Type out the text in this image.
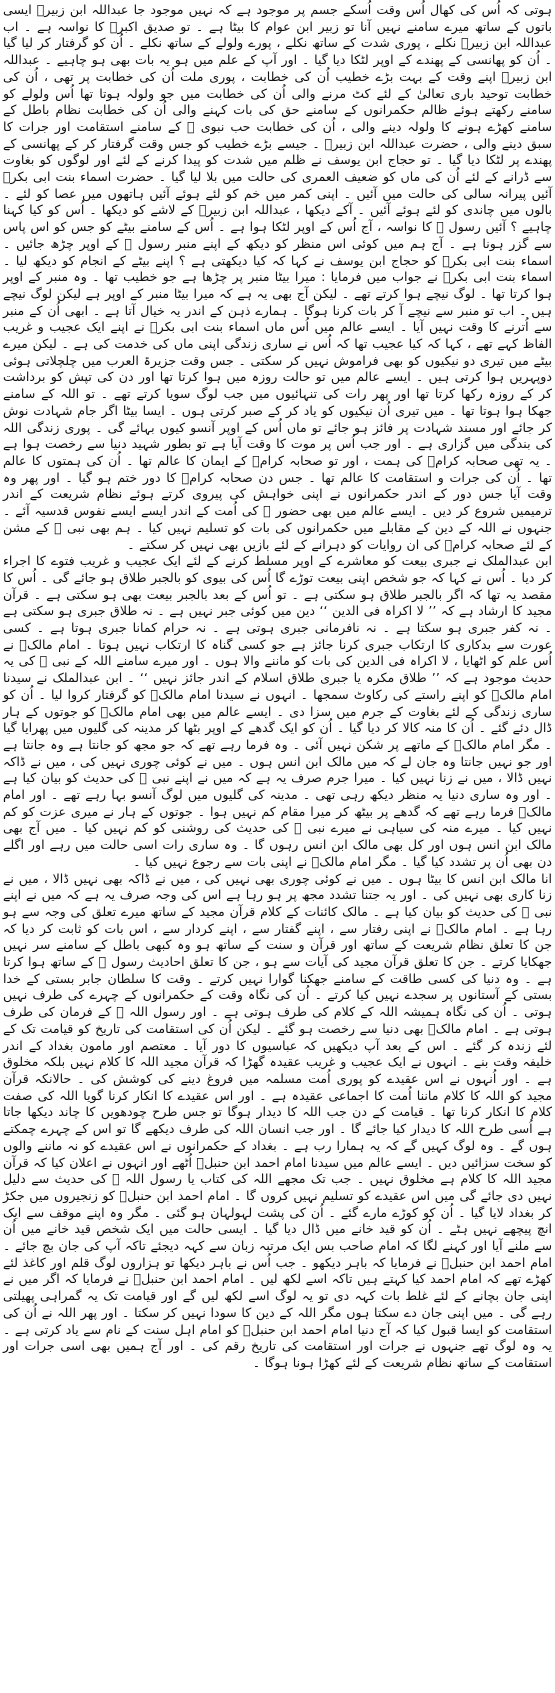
ہوتی کہ اُس کی کھال اُس وقت اُسکے جسم پر موجود ہے کہ نہیں موجود جا عبداللہ ابن زبیرؓ ایسی باتوں کے ساتھ میرے سامنے نہیں آنا تو زبیر ابن عوام کا بیٹا ہے ۔ تو صدیق اکبرؓ کا نواسہ ہے ۔ اب عبداللہ ابن زبیرؓ نکلے ، پوری شدت کے ساتھ نکلے ، پورے ولولے کے ساتھ نکلے ۔ اُن کو گرفتار کر لیا گیا ۔ اُن کو پھانسی کے پھندے کے اوپر لٹکا دیا گیا ۔ اور آپ کے علم میں ہو یہ بات بھی ہو چاہیے ۔ عبداللہ ابن زبیرؓ اپنے وقت کے بہت بڑے خطیب اُن کی خطابت ، پوری ملت اُن کی خطابت پر تھی ، اُن کی خطابت توحید باری تعالیٰ کے لئے کٹ مرنے والی اُن کی خطابت میں جو ولولہ ہوتا تھا اُس ولولے کو سامنے رکھتے ہوئے ظالم حکمرانوں کے سامنے حق کی بات کہنے والی اُن کی خطابت نظام باطل کے سامنے کھڑے ہونے کا ولولہ دینے والی ، اُن کی خطابت حب نبوی ﷺ کے سامنے استقامت اور جرات کا سبق دینے والی ، حضرت عبداللہ ابن زبیرؓ ۔ جیسے بڑے خطیب کو جس وقت گرفتار کر کے پھانسی کے پھندے پر لٹکا دیا گیا ۔ تو حجاج ابن یوسف نے ظلم میں شدت کو پیدا کرنے کے لئے اور لوگوں کو بغاوت سے ڈرانے کے لئے اُن کی ماں کو ضعیف العمری کی حالت میں بلا لیا گیا ۔ حضرت اسماء بنت ابی بکرؓ آئیں پیرانہ سالی کی حالت میں آئیں ۔ اپنی کمر میں خم کو لئے ہوئے آئیں ہاتھوں میں عصا کو لئے ۔ بالوں میں چاندی کو لئے ہوئے آئیں ۔ آکے دیکھا ، عبداللہ ابن زبیرؓ کے لاشے کو دیکھا ۔ اُس کو کیا کہنا چاہیے ؟ آئیں رسول ﷺ کا نواسہ ، آج اُس کے اوپر لٹکا ہوا ہے ۔ اُس کے سامنے بیٹے کو جس کو اس پاس سے گزر ہونا ہے ۔ آج ہم میں کوئی اس منظر کو دیکھ کے اپنے منبر رسول ﷺ کے اوپر چڑھ جائیں ۔ اسماء بنت ابی بکرؓ کو حجاج ابن یوسف نے کہا کہ کیا دیکھتی ہے ؟ اپنے بیٹے کے انجام کو دیکھ لیا ۔ اسماء بنت ابی بکرؓ نے جواب میں فرمایا : میرا بیٹا منبر پر چڑھا ہے جو خطیب تھا ۔ وہ منبر کے اوپر ہوا کرتا تھا ۔ لوگ نیچے ہوا کرتے تھے ۔ لیکن آج بھی یہ ہے کہ میرا بیٹا منبر کے اوپر ہے لیکن لوگ نیچے ہیں ۔ اب تو منبر سے نیچے آ کر بات کرنا ہوگا ۔ ہمارے ذہن کے اندر یہ خیال آتا ہے ۔ ابھی اُن کے منبر سے اُترنے کا وقت نہیں آیا ۔ ایسے عالم میں اُس ماں اسماء بنت ابی بکرؓ نے اپنے ایک عجیب و غریب الفاظ کہے تھے ، کہا کہ کیا عجیب تھا کہ اُس نے ساری زندگی اپنی ماں کی خدمت کی ہے ۔ لیکن میرے بیٹے میں تیری دو نیکیوں کو بھی فراموش نہیں کر سکتی ۔ جس وقت جزیرۃ العرب میں چلچلاتی ہوئی دوپہریں ہوا کرتی ہیں ۔ ایسے عالم میں تو حالت روزہ میں ہوا کرتا تھا اور دن کی تپش کو برداشت کر کے روزہ رکھا کرتا تھا اور پھر رات کی تنہائیوں میں جب لوگ سویا کرتے تھے ۔ تو اللہ کے سامنے جھکا ہوا ہوتا تھا ۔ میں تیری اُن نیکیوں کو یاد کر کے صبر کرتی ہوں ۔ ایسا بیٹا اگر جام شہادت نوش کر جائے اور مسند شہادت پر فائز ہو جائے تو ماں اُس کے اوپر آنسو کیوں بہائے گی ۔ پوری زندگی اللہ کی بندگی میں گزاری ہے ۔ اور جب اُس پر موت کا وقت آیا ہے تو بطور شہید دنیا سے رخصت ہوا ہے ۔ یہ تھی صحابہ کرامؓ کی ہمت ، اور تو صحابہ کرامؓ کے ایمان کا عالم تھا ۔ اُن کی ہمتوں کا عالم تھا ۔ اُن کی جرات و استقامت کا عالم تھا ۔ جس دن صحابہ کرامؓ کا دور ختم ہو گیا ۔ اور پھر وہ وقت آیا جس دور کے اندر حکمرانوں نے اپنی خواہش کی پیروی کرتے ہوئے نظام شریعت کے اندر ترمیمیں شروع کر دیں ۔ ایسے عالم میں بھی حضور ﷺ کی اُمت کے اندر ایسے ایسے نفوس قدسیہ آئے ۔ جنہوں نے اللہ کے دین کے مقابلے میں حکمرانوں کی بات کو تسلیم نہیں کیا ۔ ہم بھی نبی ﷺ کے مشن کے لئے صحابہ کرامؓ کی ان روایات کو دہرانے کے لئے بازیں بھی نہیں کر سکتے ۔

ابن عبدالملک نے جبری بیعت کو معاشرے کے اوپر مسلط کرنے کے لئے ایک عجیب و غریب فتوے کا اجراء کر دیا ۔ اُس نے کہا کہ جو شخص اپنی بیعت توڑے گا اُس کی بیوی کو بالجبر طلاق ہو جائے گی ۔ اُس کا مقصد یہ تھا کہ اگر بالجبر طلاق ہو سکتی ہے ۔ تو اُس کے بعد بالجبر بیعت بھی ہو سکتی ہے ۔ قرآن مجید کا ارشاد ہے کہ ’’ لا اکراہ فی الدین ‘‘ دین میں کوئی جبر نہیں ہے ۔ نہ طلاق جبری ہو سکتی ہے ۔ نہ کفر جبری ہو سکتا ہے ۔ نہ نافرمانی جبری ہوتی ہے ۔ نہ حرام کمانا جبری ہوتا ہے ۔ کسی عورت سے بدکاری کا ارتکاب جبری کرنا جائز ہے جو کسی گناہ کا ارتکاب نہیں ہوتا ۔ امام مالکؒ نے اُس علم کو اٹھایا ، لا اکراہ فی الدین کی بات کو ماننے والا ہوں ۔ اور میرے سامنے اللہ کے نبی ﷺ کی یہ حدیث موجود ہے کہ ’’ طلاق مکرہ یا جبری طلاق اسلام کے اندر جائز نہیں ‘‘ ۔ ابن عبدالملک نے سیدنا امام مالکؒ کو اپنے راستے کی رکاوٹ سمجھا ۔ انہوں نے سیدنا امام مالکؒ کو گرفتار کروا لیا ۔ اُن کو ساری زندگی کے لئے بغاوت کے جرم میں سزا دی ۔ ایسے عالم میں بھی امام مالکؒ کو جوتوں کے ہار ڈال دئے گئے ۔ اُن کا منہ کالا کر دیا گیا ۔ اُن کو ایک گدھے کے اوپر بٹھا کر مدینہ کی گلیوں میں پھرایا گیا ۔ مگر امام مالکؒ کے ماتھے پر شکن نہیں آئی ۔ وہ فرما رہے تھے کہ جو مجھ کو جانتا ہے وہ جانتا ہے اور جو نہیں جانتا وہ جان لے کہ میں مالک ابن انس ہوں ۔ میں نے کوئی چوری نہیں کی ، میں نے ڈاکہ نہیں ڈالا ، میں نے زنا نہیں کیا ۔ میرا جرم صرف یہ ہے کہ میں نے اپنے نبی ﷺ کی حدیث کو بیان کیا ہے ۔ اور وہ ساری دنیا یہ منظر دیکھ رہی تھی ۔ مدینہ کی گلیوں میں لوگ آنسو بہا رہے تھے ۔ اور امام مالکؒ فرما رہے تھے کہ گدھے پر بیٹھ کر میرا مقام کم نہیں ہوا ۔ جوتوں کے ہار نے میری عزت کو کم نہیں کیا ۔ میرے منہ کی سیاہی نے میرے نبی ﷺ کی حدیث کی روشنی کو کم نہیں کیا ۔ میں آج بھی مالک ابن انس ہوں اور کل بھی مالک ابن انس رہوں گا ۔ وہ ساری رات اسی حالت میں رہے اور اگلے دن بھی اُن پر تشدد کیا گیا ۔ مگر امام مالکؒ نے اپنی بات سے رجوع نہیں کیا ۔

انا مالک ابن انس کا بیٹا ہوں ۔ میں نے کوئی چوری بھی نہیں کی ، میں نے ڈاکہ بھی نہیں ڈالا ، میں نے زنا کاری بھی نہیں کی ۔ اور یہ جتنا تشدد مجھ پر ہو رہا ہے اس کی وجہ صرف یہ ہے کہ میں نے اپنے نبی ﷺ کی حدیث کو بیان کیا ہے ۔ مالک کائنات کے کلام قرآن مجید کے ساتھ میرے تعلق کی وجہ سے ہو رہا ہے ۔ امام مالکؒ نے اپنی رفتار سے ، اپنے گفتار سے ، اپنے کردار سے ، اس بات کو ثابت کر دیا کہ جن کا تعلق نظام شریعت کے ساتھ اور قرآن و سنت کے ساتھ ہو وہ کبھی باطل کے سامنے سر نہیں جھکایا کرتے ۔ جن کا تعلق قرآن مجید کی آیات سے ہو ، جن کا تعلق احادیث رسول ﷺ کے ساتھ ہوا کرتا ہے ۔ وہ دنیا کی کسی طاقت کے سامنے جھکنا گوارا نہیں کرتے ۔ وقت کا سلطان جابر بستی کے خدا بستی کے آستانوں پر سجدے نہیں کیا کرتے ۔ اُن کی نگاہ وقت کے حکمرانوں کے چہرے کی طرف نہیں ہوتی ۔ اُن کی نگاہ ہمیشہ اللہ کے کلام کی طرف ہوتی ہے ۔ اور رسول اللہ ﷺ کے فرمان کی طرف ہوتی ہے ۔ امام مالکؒ بھی دنیا سے رخصت ہو گئے ۔ لیکن اُن کی استقامت کی تاریخ کو قیامت تک کے لئے زندہ کر گئے ۔ اس کے بعد آپ دیکھیں کہ عباسیوں کا دور آیا ۔ معتصم اور مامون بغداد کے اندر خلیفہ وقت بنے ۔ انہوں نے ایک عجیب و غریب عقیدہ گھڑا کہ قرآن مجید اللہ کا کلام نہیں بلکہ مخلوق ہے ۔ اور اُنہوں نے اس عقیدے کو پوری اُمت مسلمہ میں فروغ دینے کی کوشش کی ۔ حالانکہ قرآن مجید کو اللہ کا کلام ماننا اُمت کا اجماعی عقیدہ ہے ۔ اور اس عقیدے کا انکار کرنا گویا اللہ کی صفت کلام کا انکار کرنا تھا ۔ قیامت کے دن جب اللہ کا دیدار ہوگا تو جس طرح چودھویں کا چاند دیکھا جاتا ہے اُسی طرح اللہ کا دیدار کیا جائے گا ۔ اور جب انسان اللہ کی طرف دیکھے گا تو اس کے چہرے چمکتے ہوں گے ۔ وہ لوگ کہیں گے کہ یہ ہمارا رب ہے ۔ بغداد کے حکمرانوں نے اس عقیدے کو نہ ماننے والوں کو سخت سزائیں دیں ۔ ایسے عالم میں سیدنا امام احمد ابن حنبلؒ اُٹھے اور انہوں نے اعلان کیا کہ قرآن مجید اللہ کا کلام ہے مخلوق نہیں ۔ جب تک مجھے اللہ کی کتاب یا رسول اللہ ﷺ کی حدیث سے دلیل نہیں دی جائے گی میں اس عقیدے کو تسلیم نہیں کروں گا ۔ امام احمد ابن حنبلؒ کو زنجیروں میں جکڑ کر بغداد لایا گیا ۔ اُن کو کوڑے مارے گئے ۔ اُن کی پشت لہولہان ہو گئی ۔ مگر وہ اپنے موقف سے ایک انچ پیچھے نہیں ہٹے ۔ اُن کو قید خانے میں ڈال دیا گیا ۔ ایسی حالت میں ایک شخص قید خانے میں اُن سے ملنے آیا اور کہنے لگا کہ امام صاحب بس ایک مرتبہ زبان سے کہہ دیجئے تاکہ آپ کی جان بچ جائے ۔ امام احمد ابن حنبلؒ نے فرمایا کہ باہر دیکھو ۔ جب اُس نے باہر دیکھا تو ہزاروں لوگ قلم اور کاغذ لئے کھڑے تھے کہ امام احمد کیا کہتے ہیں تاکہ اسے لکھ لیں ۔ امام احمد ابن حنبلؒ نے فرمایا کہ اگر میں نے اپنی جان بچانے کے لئے غلط بات کہہ دی تو یہ لوگ اسے لکھ لیں گے اور قیامت تک یہ گمراہی پھیلتی رہے گی ۔ میں اپنی جان دے سکتا ہوں مگر اللہ کے دین کا سودا نہیں کر سکتا ۔ اور پھر اللہ نے اُن کی استقامت کو ایسا قبول کیا کہ آج دنیا امام احمد ابن حنبلؒ کو امام اہل سنت کے نام سے یاد کرتی ہے ۔ یہ وہ لوگ تھے جنہوں نے جرات اور استقامت کی تاریخ رقم کی ۔ اور آج ہمیں بھی اسی جرات اور استقامت کے ساتھ نظام شریعت کے لئے کھڑا ہونا ہوگا ۔
